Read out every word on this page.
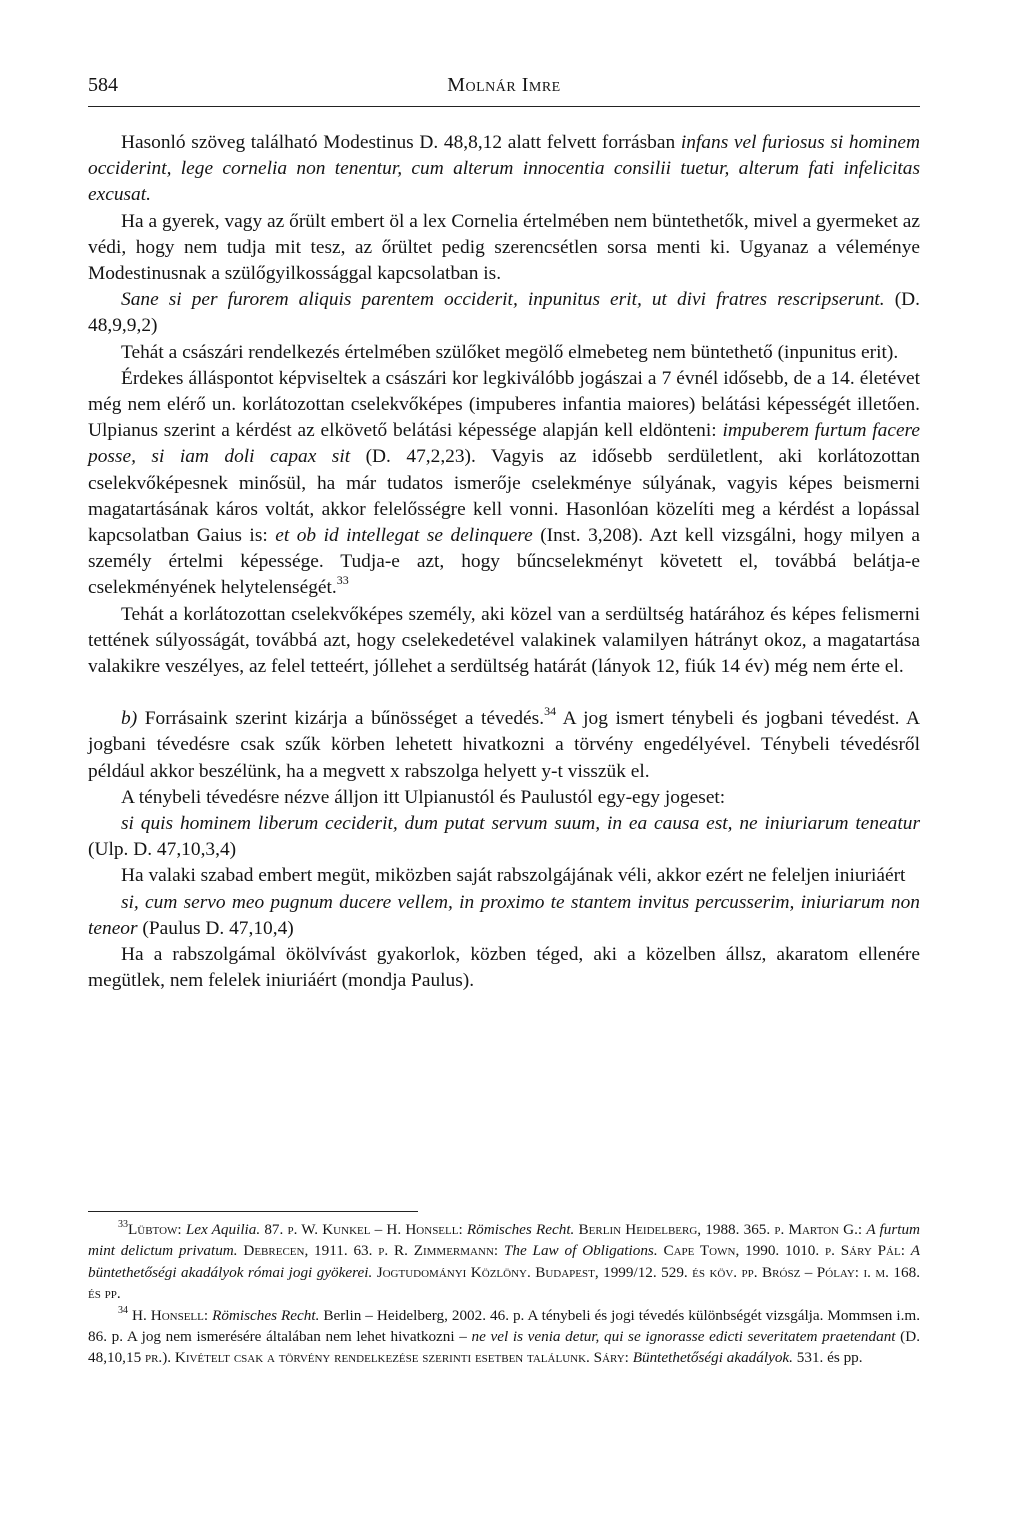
584	Molnár Imre

Hasonló szöveg található Modestinus D. 48,8,12 alatt felvett forrásban infans vel furiosus si hominem occiderint, lege cornelia non tenentur, cum alterum innocentia consilii tuetur, alterum fati infelicitas excusat.

Ha a gyerek, vagy az őrült embert öl a lex Cornelia értelmében nem büntethetők, mivel a gyermeket az védi, hogy nem tudja mit tesz, az őrültet pedig szerencsétlen sorsa menti ki. Ugyanaz a véleménye Modestinusnak a szülőgyilkossággal kapcsolatban is.

Sane si per furorem aliquis parentem occiderit, inpunitus erit, ut divi fratres rescripserunt. (D. 48,9,9,2)

Tehát a császári rendelkezés értelmében szülőket megölő elmebeteg nem büntethető (inpunitus erit).

Érdekes álláspontot képviseltek a császári kor legkiválóbb jogászai a 7 évnél idősebb, de a 14. életévet még nem elérő un. korlátozottan cselekvőképes (impuberes infantia maiores) belátási képességét illetően. Ulpianus szerint a kérdést az elkövető belátási képessége alapján kell eldönteni: impuberem furtum facere posse, si iam doli capax sit (D. 47,2,23). Vagyis az idősebb serdületlent, aki korlátozottan cselekvőképesnek minősül, ha már tudatos ismerője cselekménye súlyának, vagyis képes beismerni magatartásának káros voltát, akkor felelősségre kell vonni. Hasonlóan közelíti meg a kérdést a lopással kapcsolatban Gaius is: et ob id intellegat se delinquere (Inst. 3,208). Azt kell vizsgálni, hogy milyen a személy értelmi képessége. Tudja-e azt, hogy bűncselekményt követett el, továbbá belátja-e cselekményének helytelenségét.$^{33}$

Tehát a korlátozottan cselekvőképes személy, aki közel van a serdültség határához és képes felismerni tettének súlyosságát, továbbá azt, hogy cselekedetével valakinek valamilyen hátrányt okoz, a magatartása valakikre veszélyes, az felel tetteért, jóllehet a serdültség határát (lányok 12, fiúk 14 év) még nem érte el.

b) Forrásaink szerint kizárja a bűnösséget a tévedés.$^{34}$ A jog ismert ténybeli és jogbani tévedést. A jogbani tévedésre csak szűk körben lehetett hivatkozni a törvény engedélyével. Ténybeli tévedésről például akkor beszélünk, ha a megvett x rabszolga helyett y-t visszük el.

A ténybeli tévedésre nézve álljon itt Ulpianustól és Paulustól egy-egy jogeset:

si quis hominem liberum ceciderit, dum putat servum suum, in ea causa est, ne iniuriarum teneatur (Ulp. D. 47,10,3,4)

Ha valaki szabad embert megüt, miközben saját rabszolgájának véli, akkor ezért ne feleljen iniuriáért

si, cum servo meo pugnum ducere vellem, in proximo te stantem invitus percusserim, iniuriarum non teneor (Paulus D. 47,10,4)

Ha a rabszolgámal ökölvívást gyakorlok, közben téged, aki a közelben állsz, akaratom ellenére megütlek, nem felelek iniuriáért (mondja Paulus).

$^{33}$Lübtow: Lex Aquilia. 87. p. W. Kunkel – H. Honsell: Römisches Recht. Berlin Heidelberg, 1988. 365. p. Marton G.: A furtum mint delictum privatum. Debrecen, 1911. 63. p. R. Zimmermann: The Law of Obligations. Cape Town, 1990. 1010. p. Sáry Pál: A büntethetőségi akadályok római jogi gyökerei. Jogtudományi Közlöny. Budapest, 1999/12. 529. és köv. pp. Brósz – Pólay: i. m. 168. és pp.

$^{34}$ H. Honsell: Römisches Recht. Berlin – Heidelberg, 2002. 46. p. A ténybeli és jogi tévedés különbségét vizsgálja. Mommsen i.m. 86. p. A jog nem ismerésére általában nem lehet hivatkozni – ne vel is venia detur, qui se ignorasse edicti severitatem praetendant (D. 48,10,15 pr.). Kivételt csak a törvény rendelkezése szerinti esetben találunk. Sáry: Büntethetőségi akadályok. 531. és pp.
